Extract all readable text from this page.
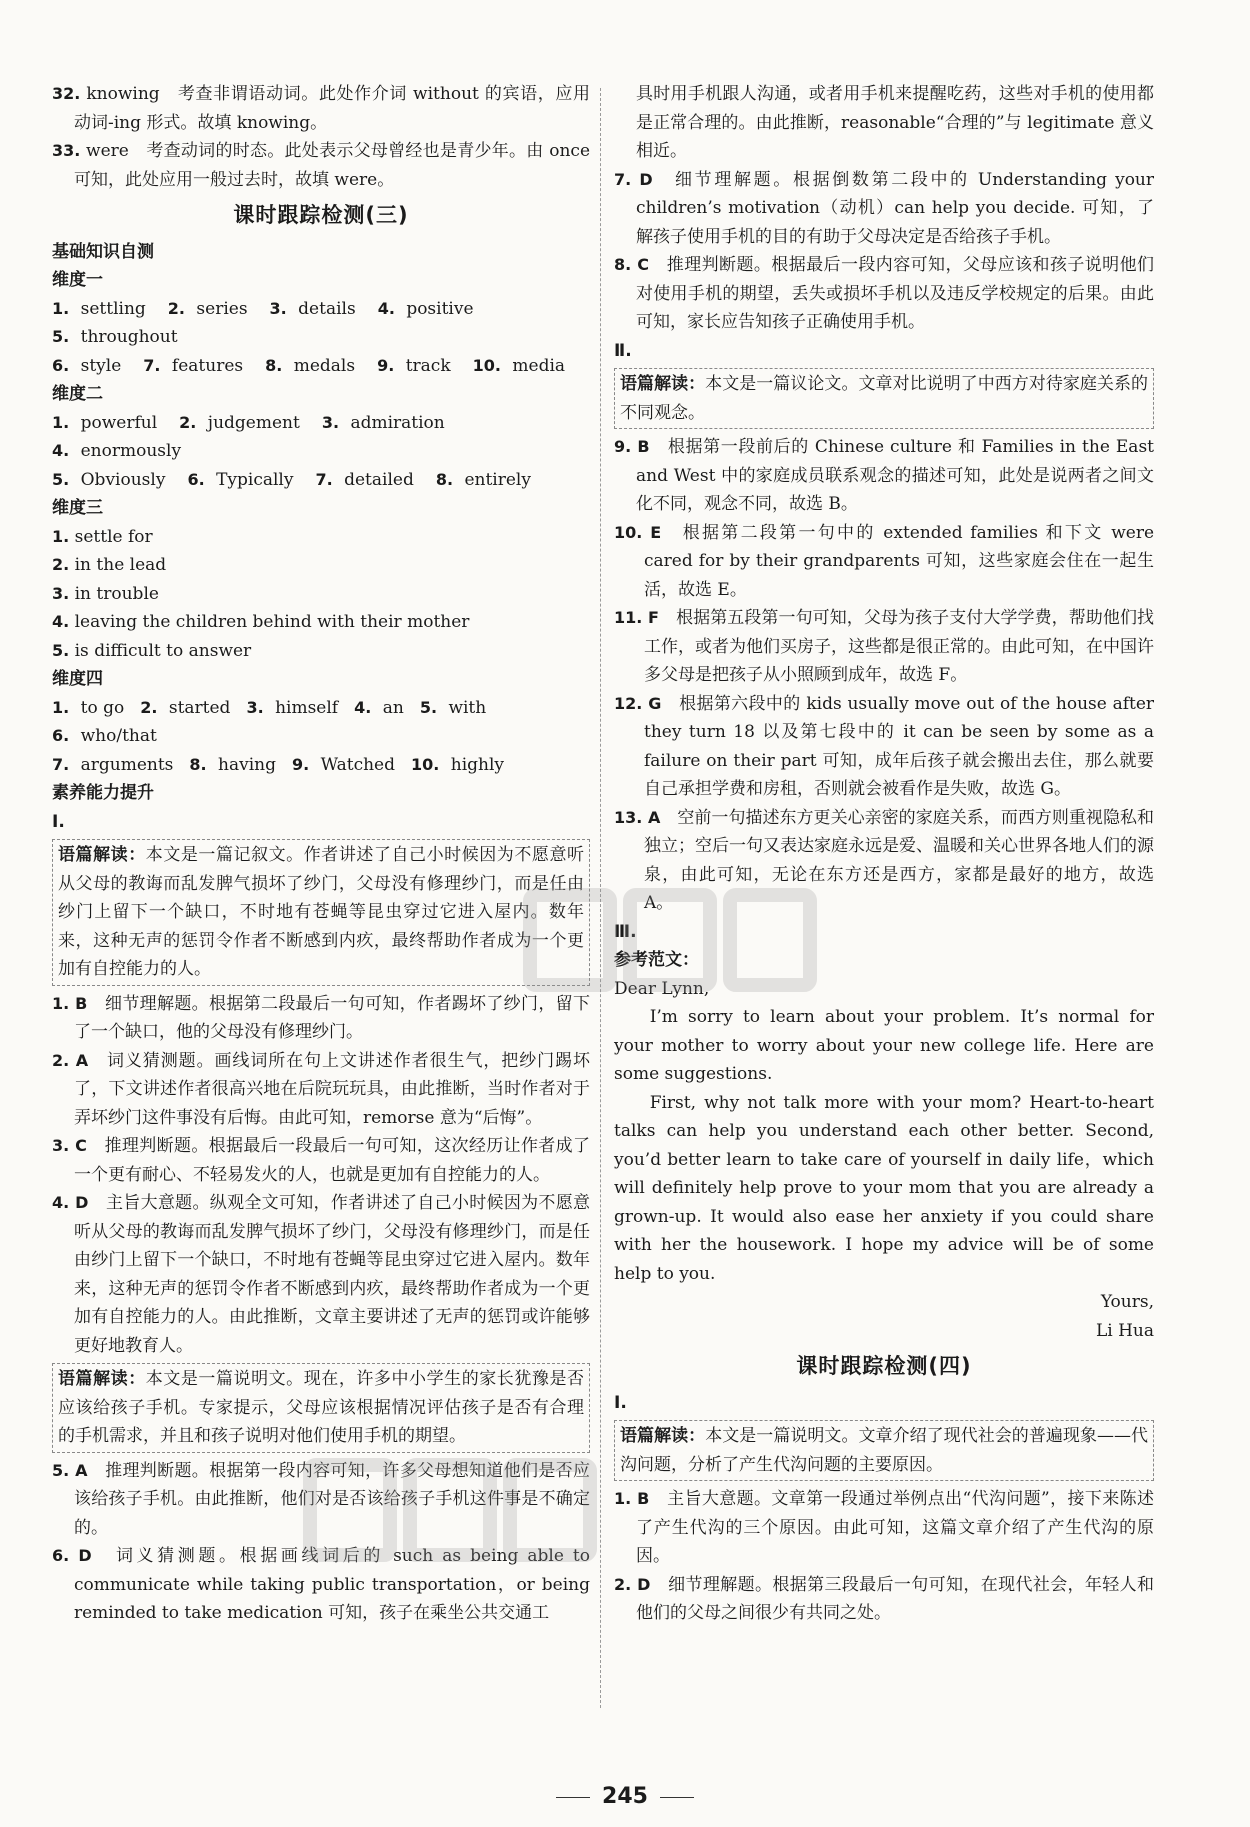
32. knowing　考查非谓语动词。此处作介词 without 的宾语，应用动词-ing 形式。故填 knowing。

33. were　考查动词的时态。此处表示父母曾经也是青少年。由 once 可知，此处应用一般过去时，故填 were。

课时跟踪检测(三)

基础知识自测

维度一

1. settling 2. series 3. details 4. positive
5. throughout
6. style 7. features 8. medals 9. track 10. media

维度二

1. powerful 2. judgement 3. admiration
4. enormously
5. Obviously 6. Typically 7. detailed 8. entirely

维度三

1. settle for

2. in the lead

3. in trouble

4. leaving the children behind with their mother

5. is difficult to answer

维度四

1. to go 2. started 3. himself 4. an 5. with
6. who/that
7. arguments 8. having 9. Watched 10. highly

素养能力提升

Ⅰ.

语篇解读：本文是一篇记叙文。作者讲述了自己小时候因为不愿意听从父母的教诲而乱发脾气损坏了纱门，父母没有修理纱门，而是任由纱门上留下一个缺口，不时地有苍蝇等昆虫穿过它进入屋内。数年来，这种无声的惩罚令作者不断感到内疚，最终帮助作者成为一个更加有自控能力的人。

1. B　 细节理解题。根据第二段最后一句可知，作者踢坏了纱门，留下了一个缺口，他的父母没有修理纱门。

2. A　 词义猜测题。画线词所在句上文讲述作者很生气，把纱门踢坏了，下文讲述作者很高兴地在后院玩玩具，由此推断，当时作者对于弄坏纱门这件事没有后悔。由此可知，remorse 意为“后悔”。

3. C　 推理判断题。根据最后一段最后一句可知，这次经历让作者成了一个更有耐心、不轻易发火的人，也就是更加有自控能力的人。

4. D　 主旨大意题。纵观全文可知，作者讲述了自己小时候因为不愿意听从父母的教诲而乱发脾气损坏了纱门，父母没有修理纱门，而是任由纱门上留下一个缺口，不时地有苍蝇等昆虫穿过它进入屋内。数年来，这种无声的惩罚令作者不断感到内疚，最终帮助作者成为一个更加有自控能力的人。由此推断，文章主要讲述了无声的惩罚或许能够更好地教育人。

语篇解读：本文是一篇说明文。现在，许多中小学生的家长犹豫是否应该给孩子手机。专家提示，父母应该根据情况评估孩子是否有合理的手机需求，并且和孩子说明对他们使用手机的期望。

5. A　 推理判断题。根据第一段内容可知，许多父母想知道他们是否应该给孩子手机。由此推断，他们对是否该给孩子手机这件事是不确定的。

6. D　 词义猜测题。根据画线词后的 such as being able to communicate while taking public transportation，or being reminded to take medication 可知，孩子在乘坐公共交通工

具时用手机跟人沟通，或者用手机来提醒吃药，这些对手机的使用都是正常合理的。由此推断，reasonable“合理的”与 legitimate 意义相近。

7. D　 细节理解题。根据倒数第二段中的 Understanding your children’s motivation（动机）can help you decide. 可知，了解孩子使用手机的目的有助于父母决定是否给孩子手机。

8. C　 推理判断题。根据最后一段内容可知，父母应该和孩子说明他们对使用手机的期望，丢失或损坏手机以及违反学校规定的后果。由此可知，家长应告知孩子正确使用手机。

Ⅱ.

语篇解读：本文是一篇议论文。文章对比说明了中西方对待家庭关系的不同观念。

9. B　 根据第一段前后的 Chinese culture 和 Families in the East and West 中的家庭成员联系观念的描述可知，此处是说两者之间文化不同，观念不同，故选 B。

10. E　 根据第二段第一句中的 extended families 和下文 were cared for by their grandparents 可知，这些家庭会住在一起生活，故选 E。

11. F　 根据第五段第一句可知，父母为孩子支付大学学费，帮助他们找工作，或者为他们买房子，这些都是很正常的。由此可知，在中国许多父母是把孩子从小照顾到成年，故选 F。

12. G　 根据第六段中的 kids usually move out of the house after they turn 18 以及第七段中的 it can be seen by some as a failure on their part 可知，成年后孩子就会搬出去住，那么就要自己承担学费和房租，否则就会被看作是失败，故选 G。

13. A　 空前一句描述东方更关心亲密的家庭关系，而西方则重视隐私和独立；空后一句又表达家庭永远是爱、温暖和关心世界各地人们的源泉，由此可知，无论在东方还是西方，家都是最好的地方，故选 A。

Ⅲ.

参考范文：

Dear Lynn,

I’m sorry to learn about your problem. It’s normal for your mother to worry about your new college life. Here are some suggestions.

First, why not talk more with your mom? Heart-to-heart talks can help you understand each other better. Second, you’d better learn to take care of yourself in daily life，which will definitely help prove to your mom that you are already a grown-up. It would also ease her anxiety if you could share with her the housework. I hope my advice will be of some help to you.

Yours,

Li Hua

课时跟踪检测(四)

Ⅰ.

语篇解读：本文是一篇说明文。文章介绍了现代社会的普遍现象——代沟问题，分析了产生代沟问题的主要原因。

1. B　 主旨大意题。文章第一段通过举例点出“代沟问题”，接下来陈述了产生代沟的三个原因。由此可知，这篇文章介绍了产生代沟的原因。

2. D　 细节理解题。根据第三段最后一句可知，在现代社会，年轻人和他们的父母之间很少有共同之处。

245
